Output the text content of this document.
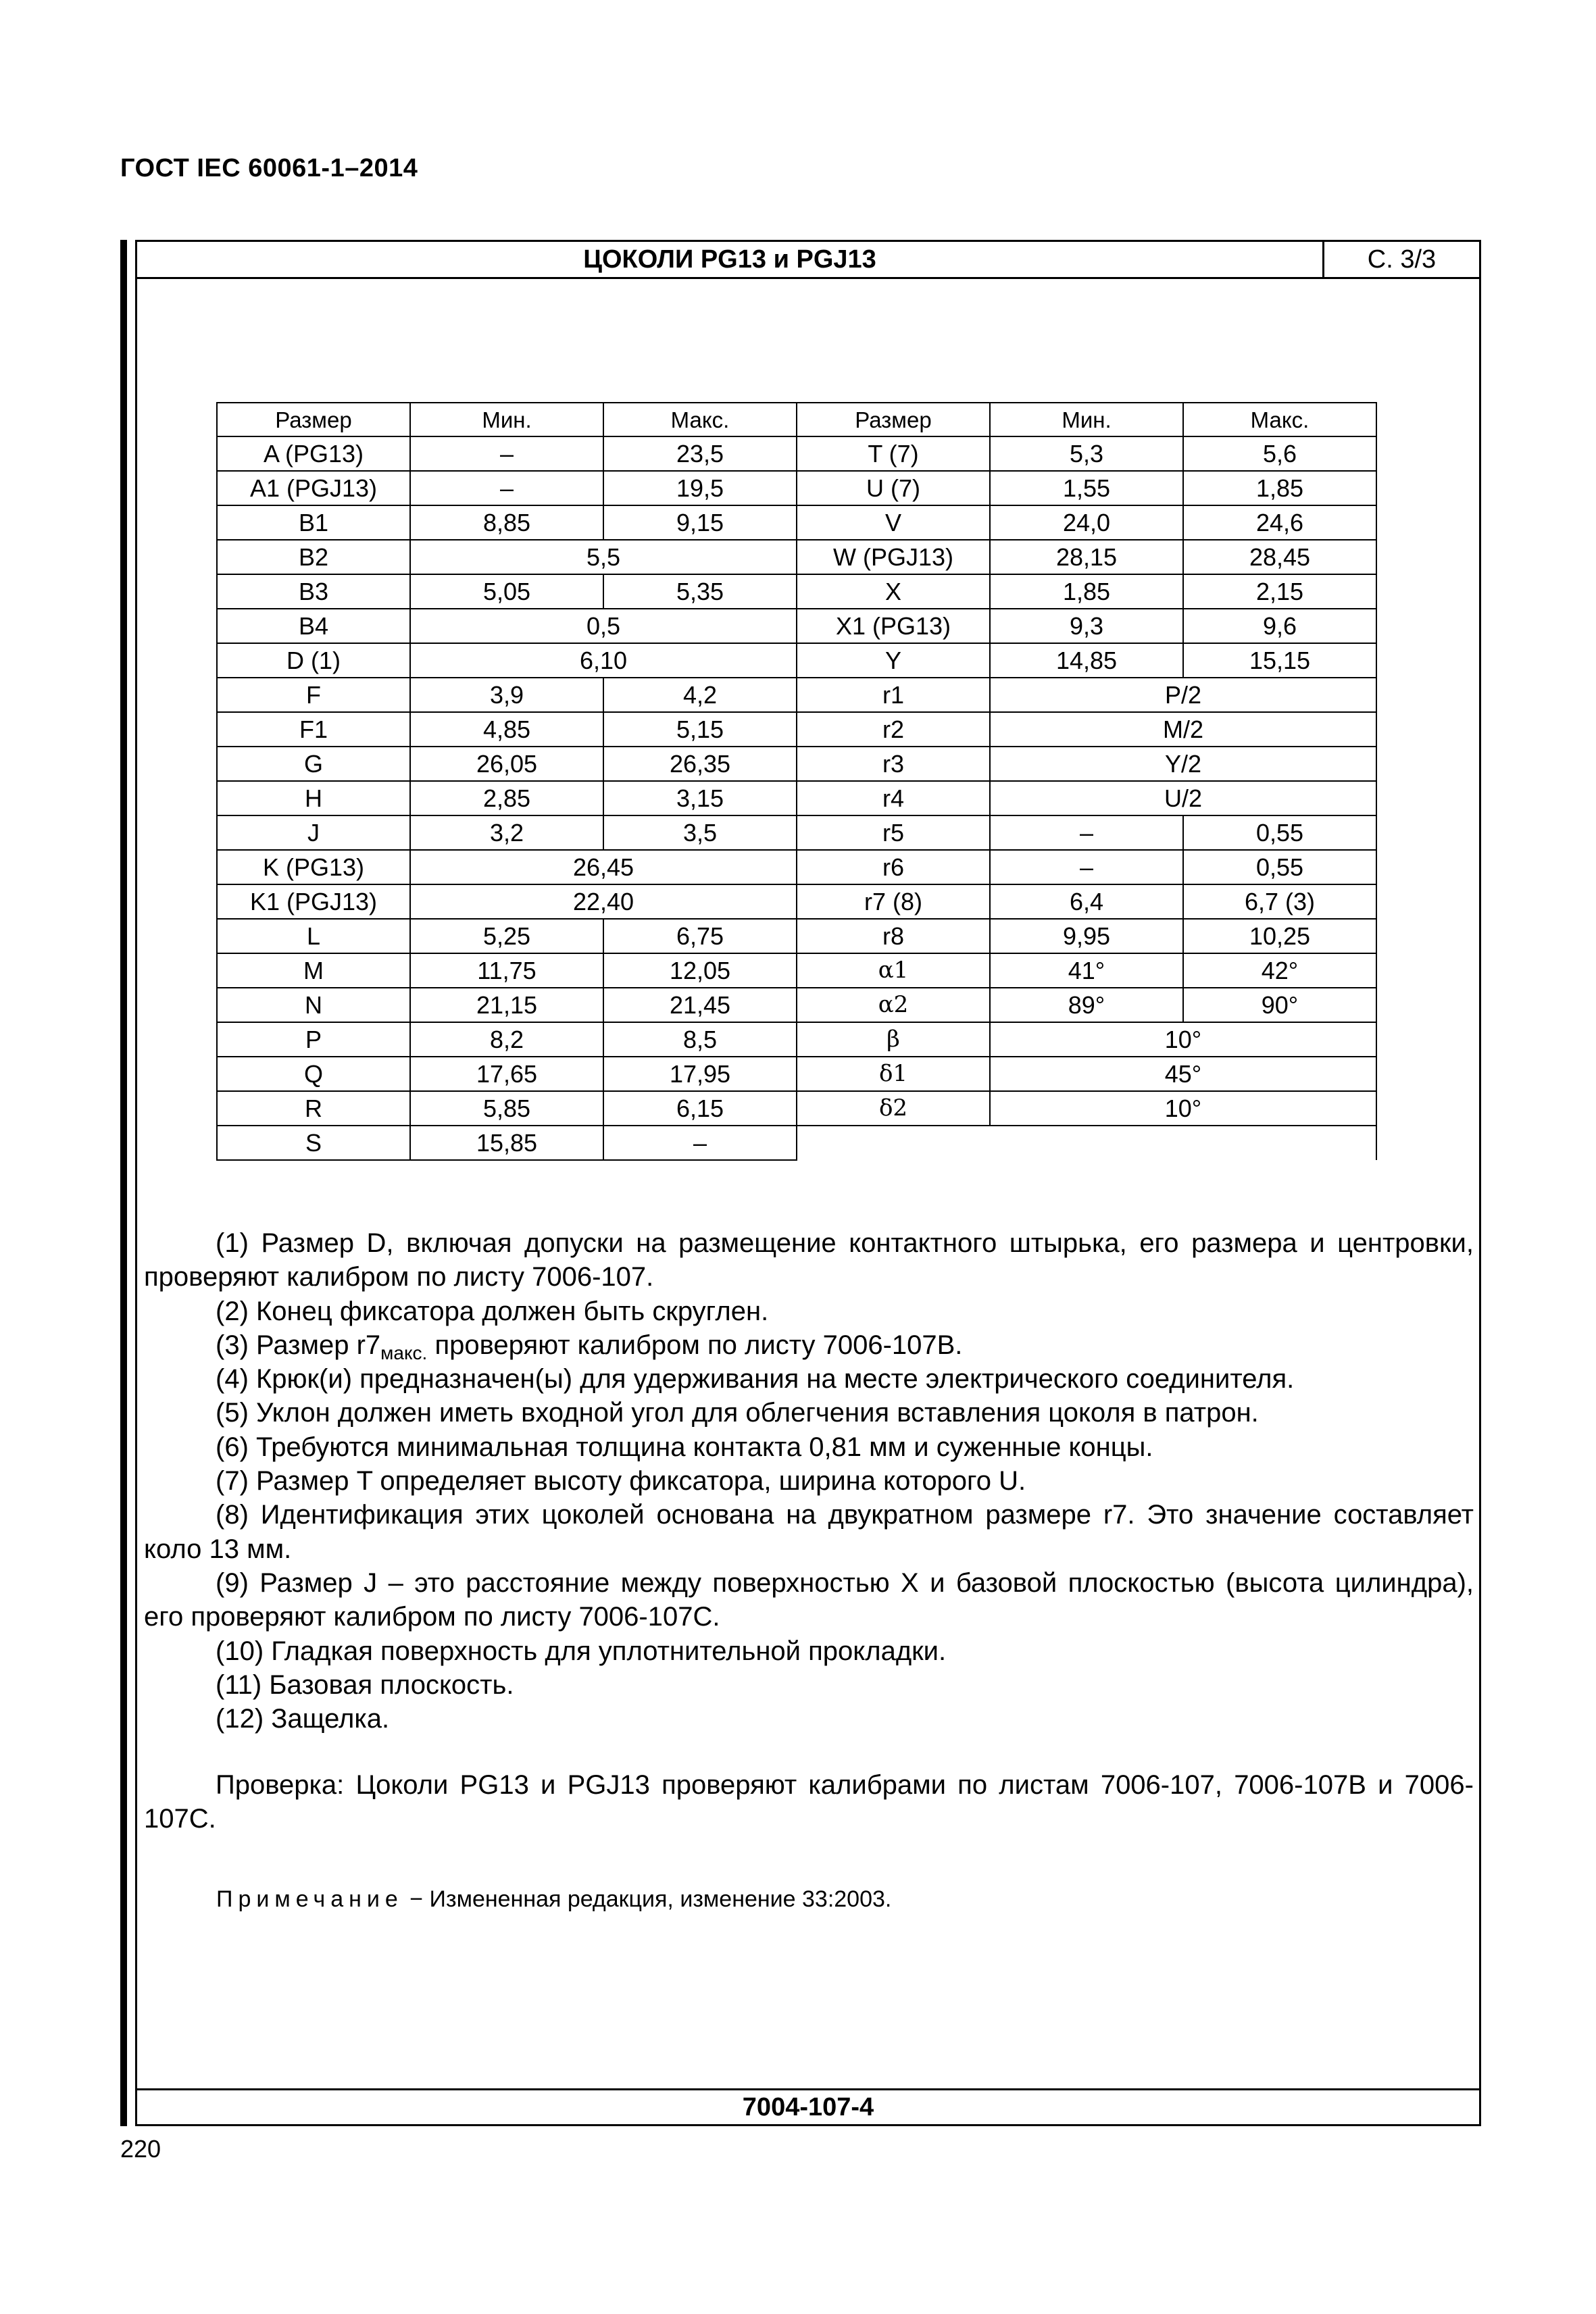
ГОСТ IEC 60061-1–2014
ЦОКОЛИ PG13 и PGJ13	С. 3/3
7004-107-4
Размер	Мин.	Макс.	Размер	Мин.	Макс.
A (PG13)	–	23,5	T (7)	5,3	5,6
A1 (PGJ13)	–	19,5	U (7)	1,55	1,85
B1	8,85	9,15	V	24,0	24,6
B2	5,5		W (PGJ13)	28,15	28,45
B3	5,05	5,35	X	1,85	2,15
B4	0,5		X1 (PG13)	9,3	9,6
D (1)	6,10		Y	14,85	15,15
F	3,9	4,2	r1	P/2	
F1	4,85	5,15	r2	M/2	
G	26,05	26,35	r3	Y/2	
H	2,85	3,15	r4	U/2	
J	3,2	3,5	r5	–	0,55
K (PG13)	26,45		r6	–	0,55
K1 (PGJ13)	22,40		r7 (8)	6,4	6,7 (3)
L	5,25	6,75	r8	9,95	10,25
M	11,75	12,05	α1	41°	42°
N	21,15	21,45	α2	89°	90°
P	8,2	8,5	β	10°	
Q	17,65	17,95	δ1	45°	
R	5,85	6,15	δ2	10°	
S	15,85	–			

(1) Размер D, включая допуски на размещение контактного штырька, его размера и центровки, проверяют калибром по листу 7006-107.

(2) Конец фиксатора должен быть скруглен.

(3) Размер $r7_{макс.}$ проверяют калибром по листу 7006-107B.

(4) Крюк(и) предназначен(ы) для удерживания на месте электрического соединителя.

(5) Уклон должен иметь входной угол для облегчения вставления цоколя в патрон.

(6) Требуются минимальная толщина контакта 0,81 мм и суженные концы.

(7) Размер T определяет высоту фиксатора, ширина которого U.

(8) Идентификация этих цоколей основана на двукратном размере r7. Это значение составляет коло 13 мм.

(9) Размер J – это расстояние между поверхностью X и базовой плоскостью (высота цилиндра), его проверяют калибром по листу 7006-107C.

(10) Гладкая поверхность для уплотнительной прокладки.

(11) Базовая плоскость.

(12) Защелка.

Проверка: Цоколи PG13 и PGJ13 проверяют калибрами по листам 7006-107, 7006-107B и 7006-107C.

Примечание − Измененная редакция, изменение 33:2003.
220
